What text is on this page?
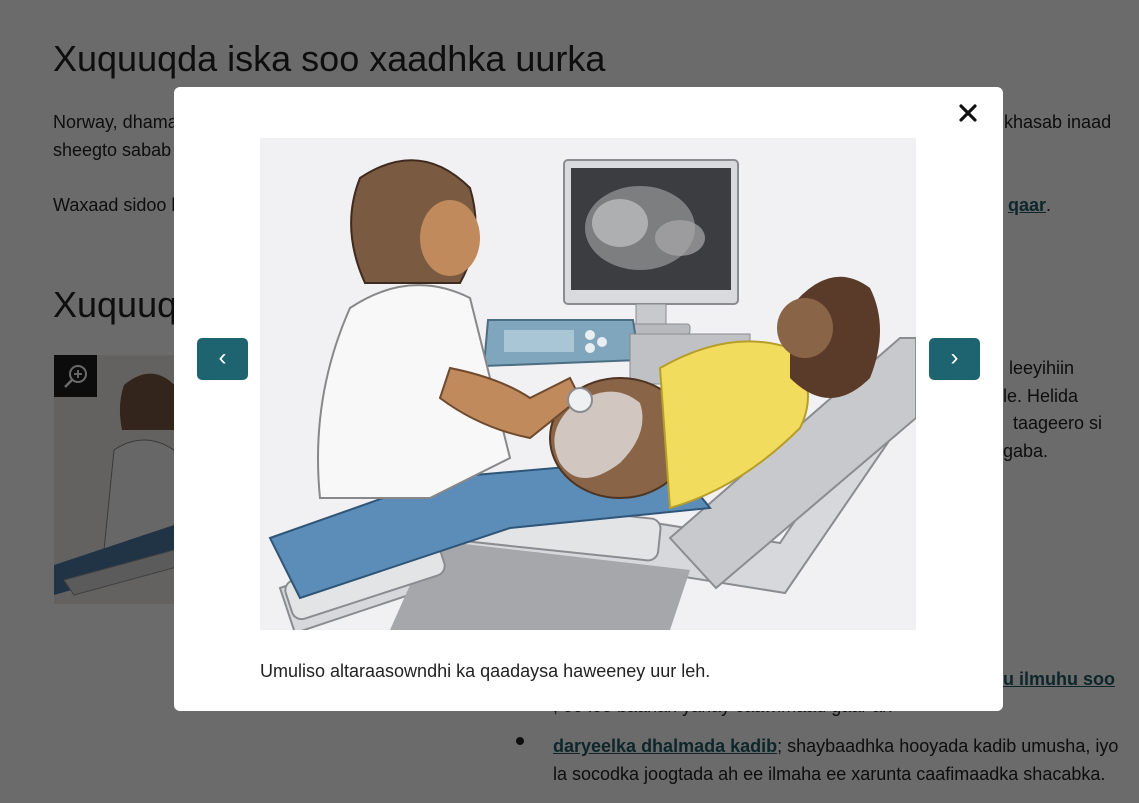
‹	›
Umuliso altaraasowndhi ka qaadaysa haweeney uur leh.
